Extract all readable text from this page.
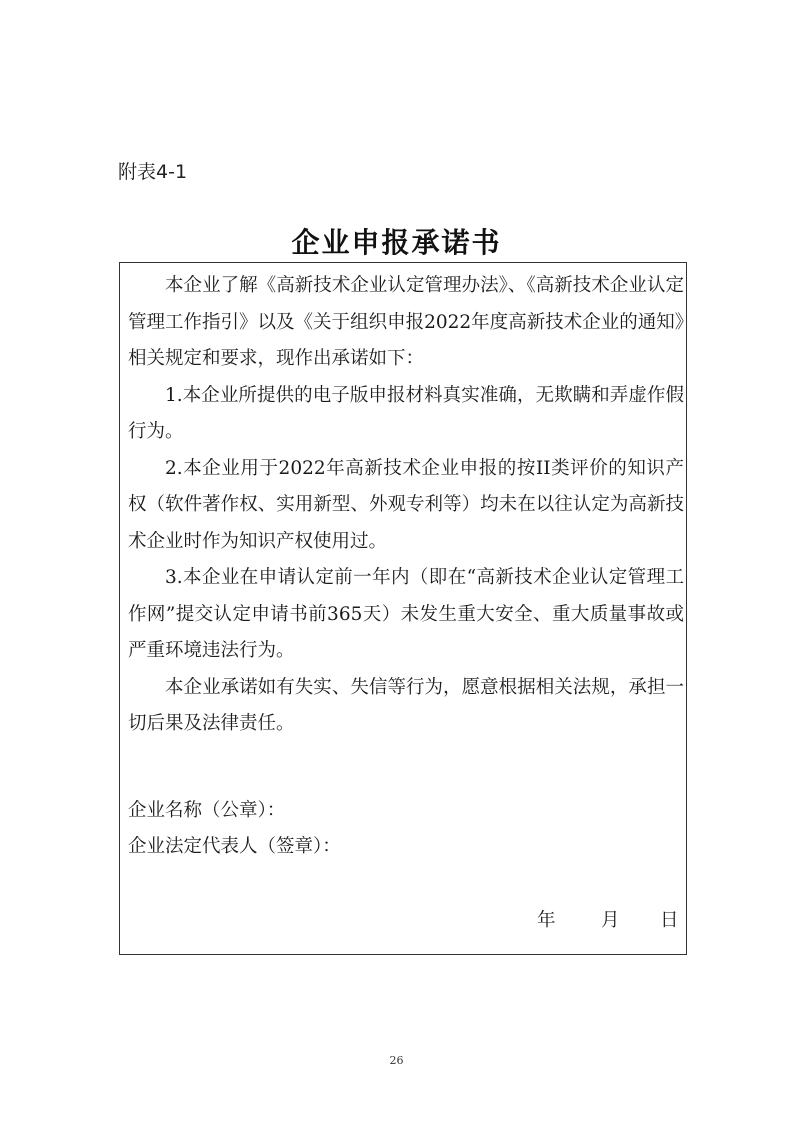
附表4-1
企业申报承诺书

本企业了解《高新技术企业认定管理办法》、《高新技术企业认定管理工作指引》以及《关于组织申报2022年度高新技术企业的通知》相关规定和要求，现作出承诺如下：

1.本企业所提供的电子版申报材料真实准确，无欺瞒和弄虚作假行为。

2.本企业用于2022年高新技术企业申报的按II类评价的知识产权（软件著作权、实用新型、外观专利等）均未在以往认定为高新技术企业时作为知识产权使用过。

3.本企业在申请认定前一年内（即在“高新技术企业认定管理工作网”提交认定申请书前365天）未发生重大安全、重大质量事故或严重环境违法行为。

本企业承诺如有失实、失信等行为，愿意根据相关法规，承担一切后果及法律责任。

企业名称（公章）：
企业法定代表人（签章）：
年 月 日
26
